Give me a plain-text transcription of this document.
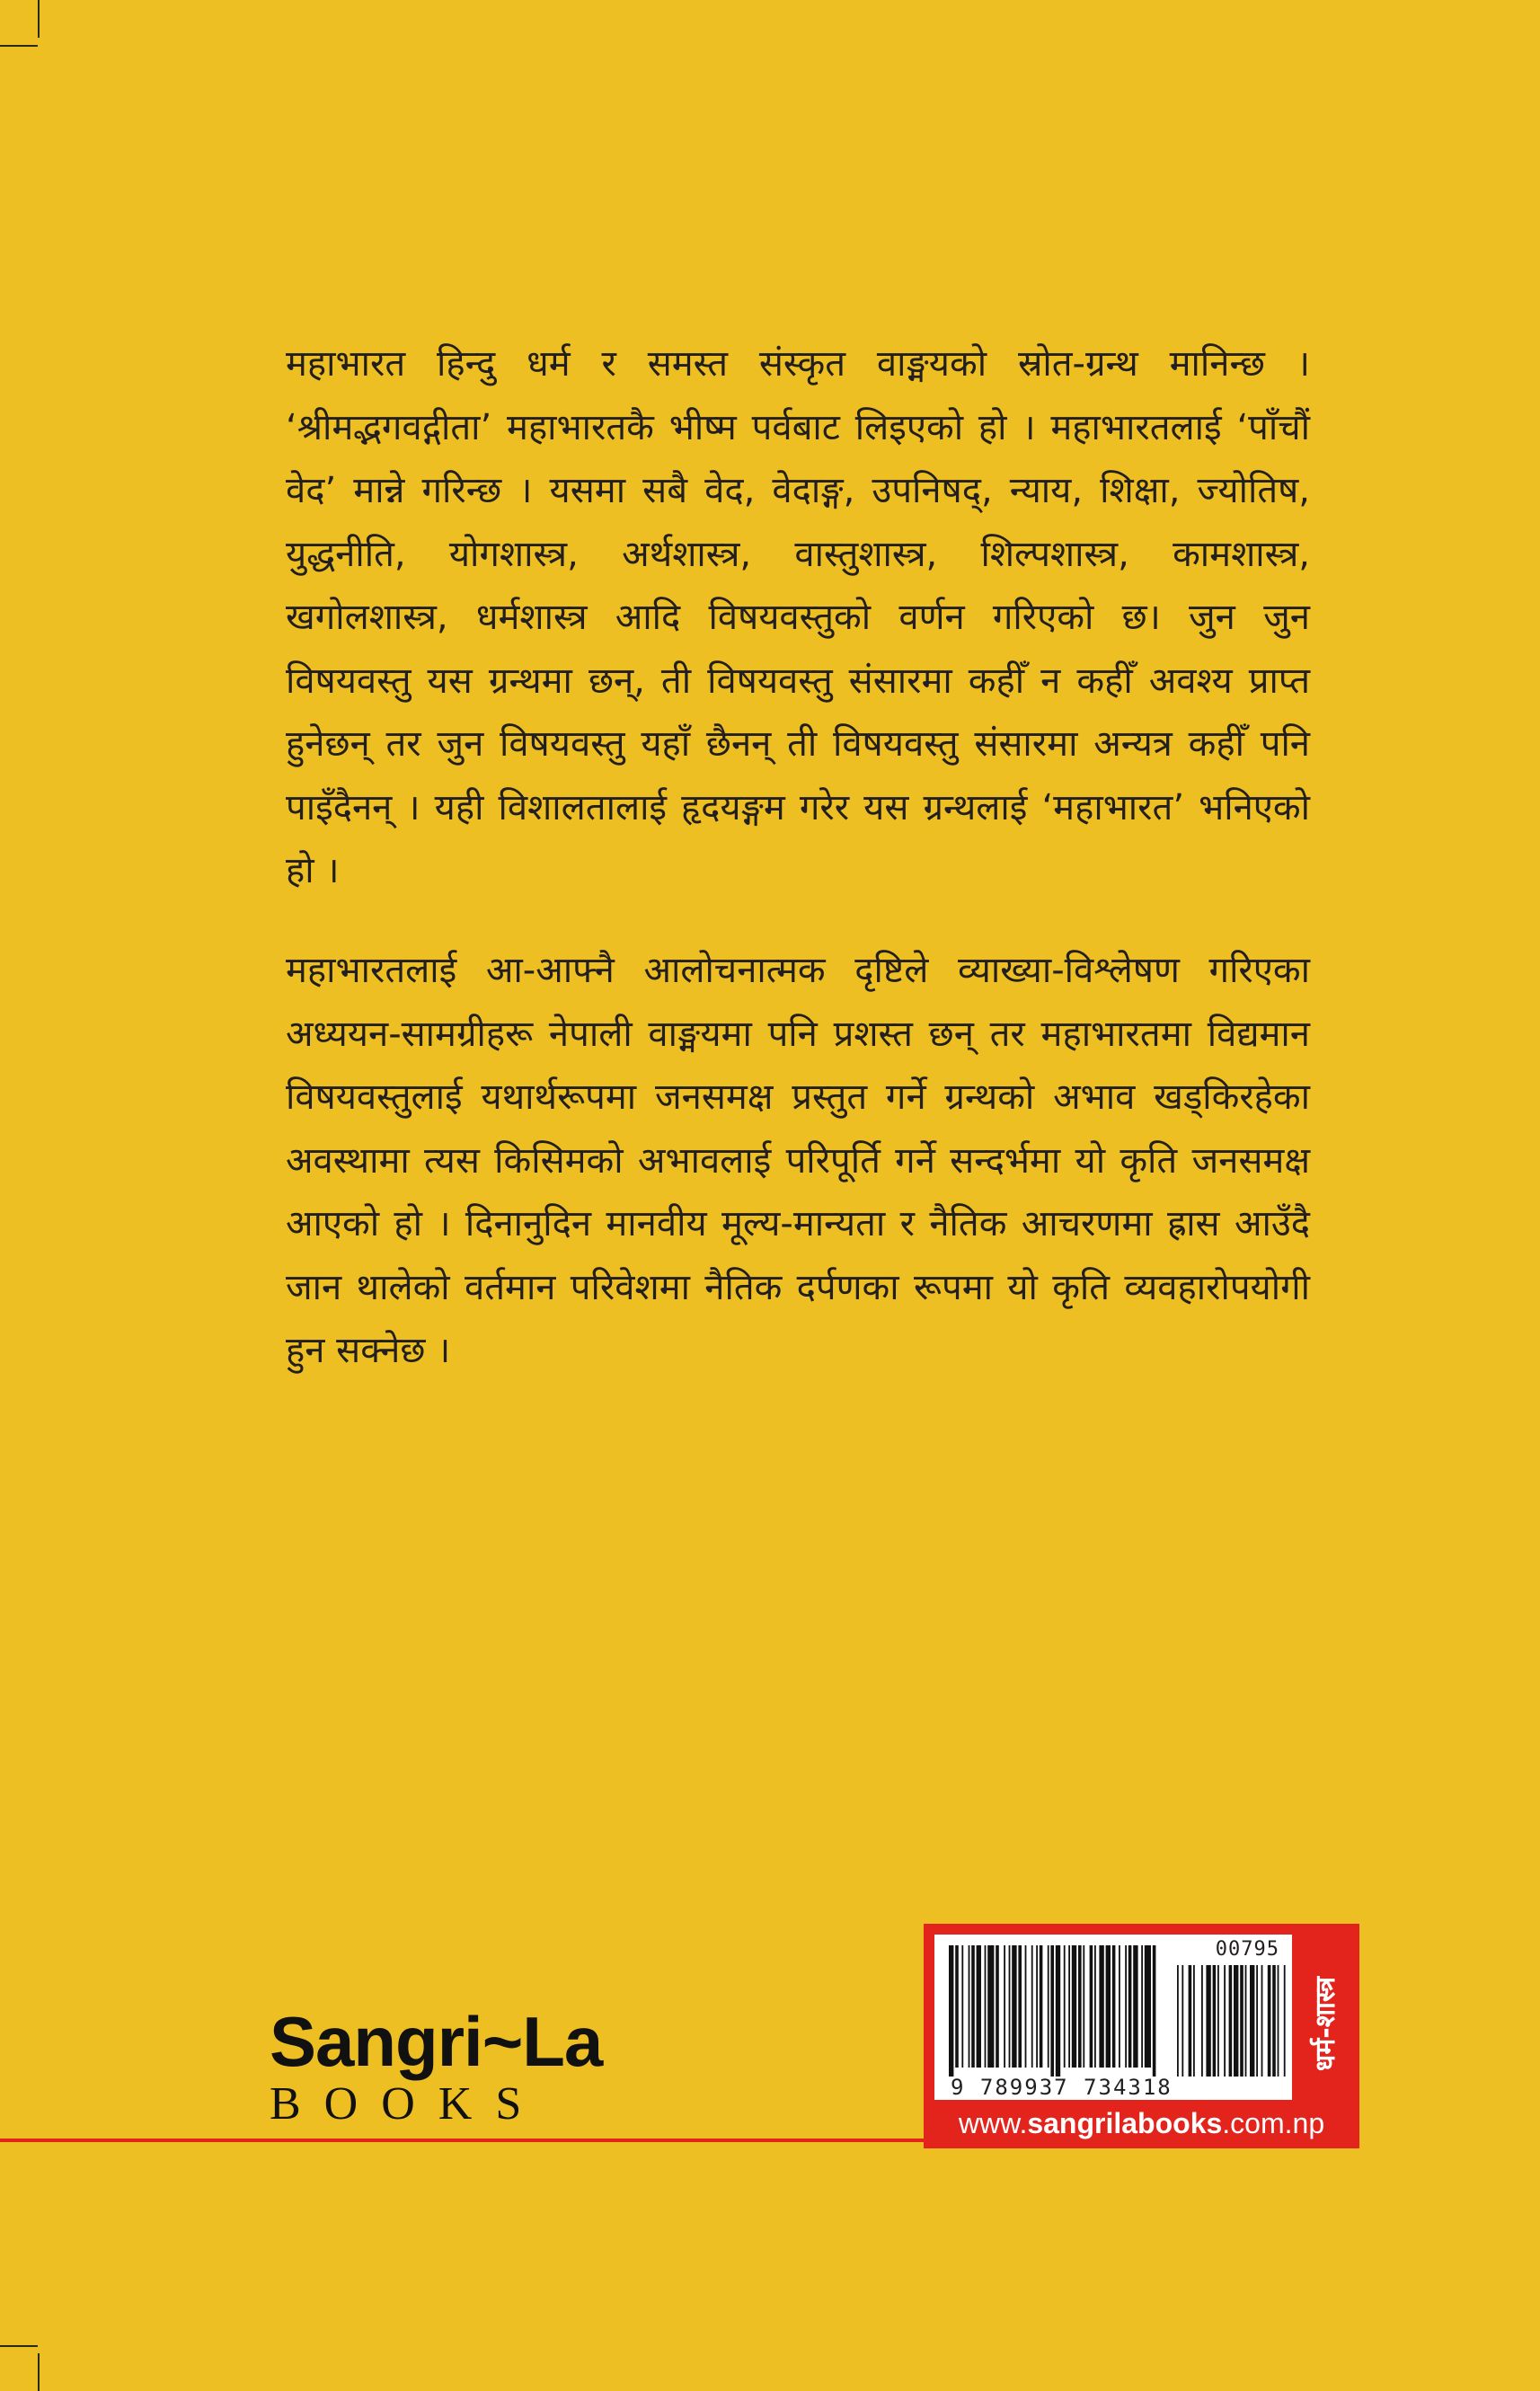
महाभारत हिन्दु धर्म र समस्त संस्कृत वाङ्मयको स्रोत-ग्रन्थ मानिन्छ । ‘श्रीमद्भगवद्गीता’ महाभारतकै भीष्म पर्वबाट लिइएको हो । महाभारतलाई ‘पाँचौं वेद’ मान्ने गरिन्छ । यसमा सबै वेद, वेदाङ्ग, उपनिषद्, न्याय, शिक्षा, ज्योतिष, युद्धनीति, योगशास्त्र, अर्थशास्त्र, वास्तुशास्त्र, शिल्पशास्त्र, कामशास्त्र, खगोलशास्त्र, धर्मशास्त्र आदि विषयवस्तुको वर्णन गरिएको छ। जुन जुन विषयवस्तु यस ग्रन्थमा छन्, ती विषयवस्तु संसारमा कहीँ न कहीँ अवश्य प्राप्त हुनेछन् तर जुन विषयवस्तु यहाँ छैनन् ती विषयवस्तु संसारमा अन्यत्र कहीँ पनि पाइँदैनन् । यही विशालतालाई हृदयङ्गम गरेर यस ग्रन्थलाई ‘महाभारत’ भनिएको हो ।

महाभारतलाई आ-आफ्नै आलोचनात्मक दृष्टिले व्याख्या-विश्लेषण गरिएका अध्ययन-सामग्रीहरू नेपाली वाङ्मयमा पनि प्रशस्त छन् तर महाभारतमा विद्यमान विषयवस्तुलाई यथार्थरूपमा जनसमक्ष प्रस्तुत गर्ने ग्रन्थको अभाव खड्किरहेका अवस्थामा त्यस किसिमको अभावलाई परिपूर्ति गर्ने सन्दर्भमा यो कृति जनसमक्ष आएको हो । दिनानुदिन मानवीय मूल्य-मान्यता र नैतिक आचरणमा ह्रास आउँदै जान थालेको वर्तमान परिवेशमा नैतिक दर्पणका रूपमा यो कृति व्यवहारोपयोगी हुन सक्नेछ ।

Sangri~La
BOOKS
00795
9 789937 734318
धर्म-शास्त्र
www.sangrilabooks.com.np
